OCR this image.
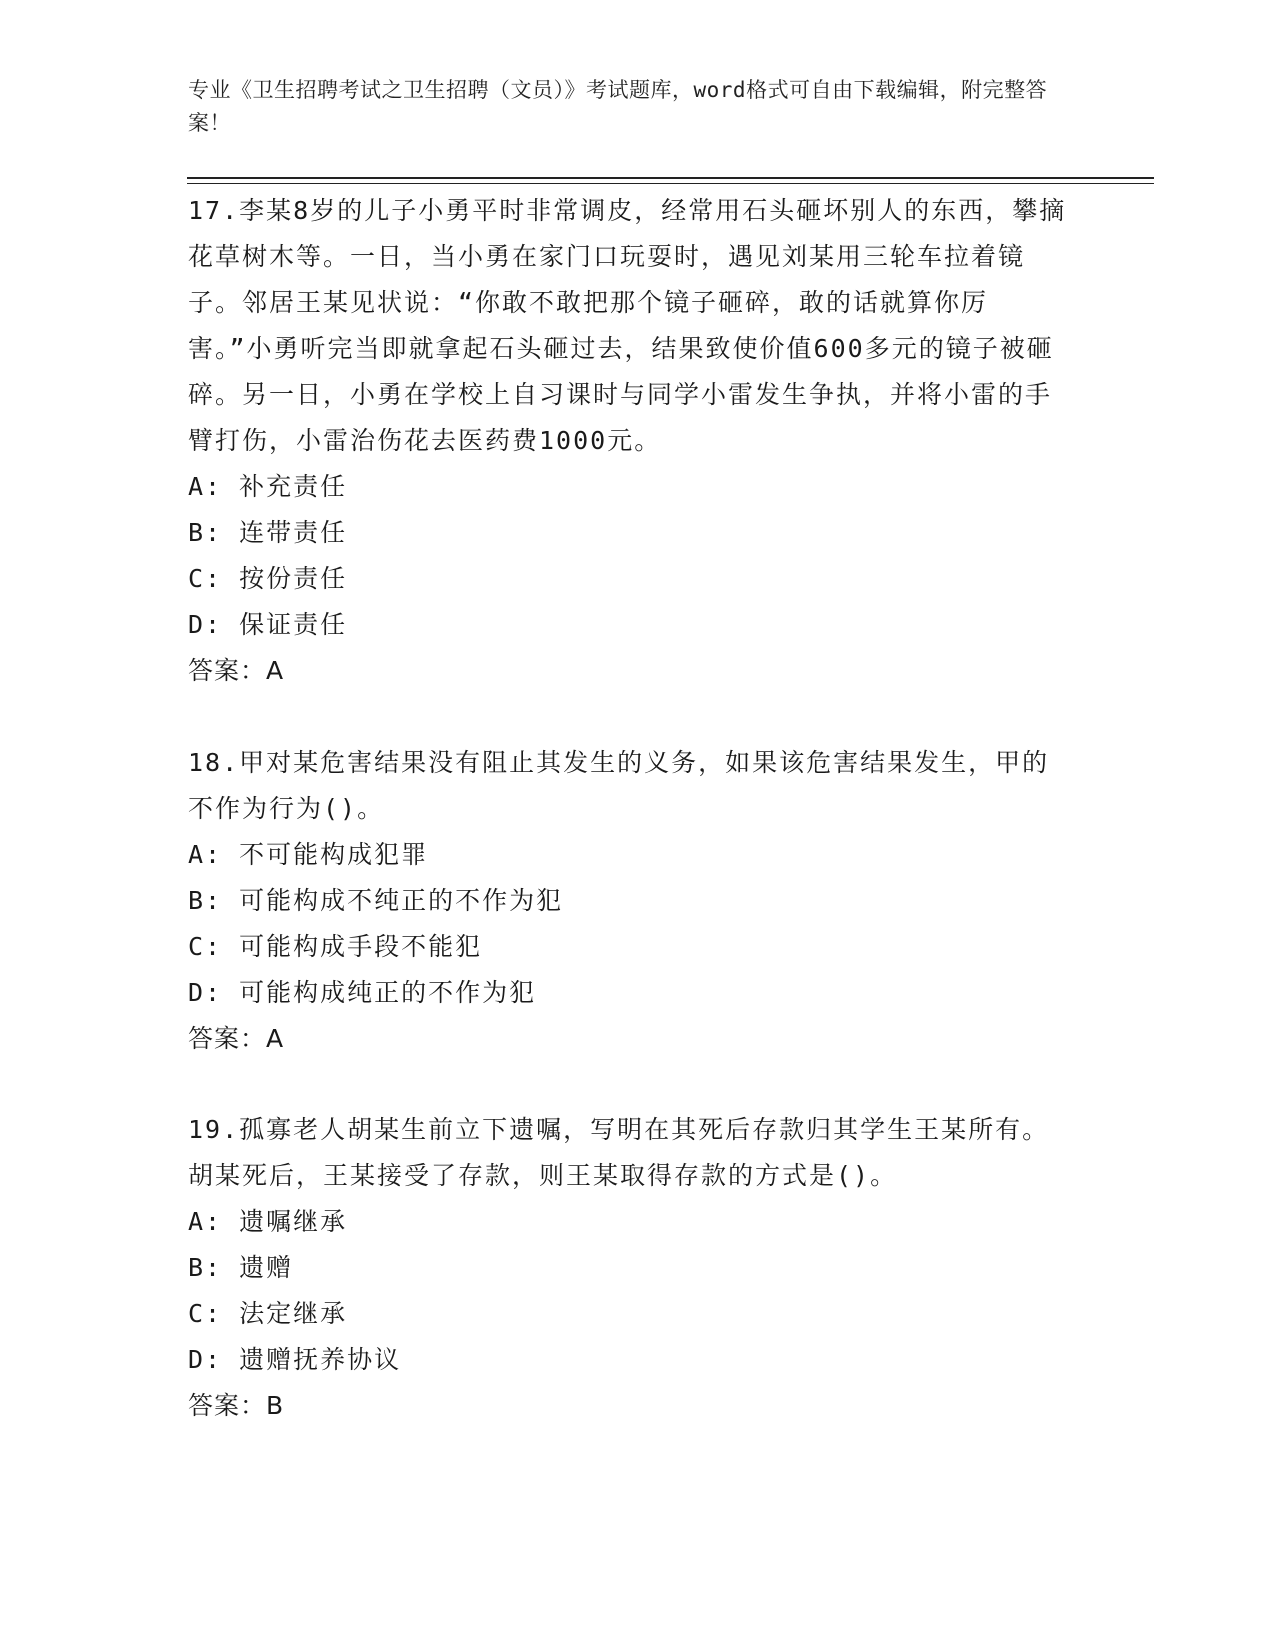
专业《卫生招聘考试之卫生招聘（文员）》考试题库，word格式可自由下载编辑，附完整答案！

17.李某8岁的儿子小勇平时非常调皮，经常用石头砸坏别人的东西，攀摘花草树木等。一日，当小勇在家门口玩耍时，遇见刘某用三轮车拉着镜子。邻居王某见状说：“你敢不敢把那个镜子砸碎，敢的话就算你厉害。”小勇听完当即就拿起石头砸过去，结果致使价值600多元的镜子被砸碎。另一日，小勇在学校上自习课时与同学小雷发生争执，并将小雷的手臂打伤，小雷治伤花去医药费1000元。

A: 补充责任

B: 连带责任

C: 按份责任

D: 保证责任

答案：A

18.甲对某危害结果没有阻止其发生的义务，如果该危害结果发生，甲的不作为行为()。

A: 不可能构成犯罪

B: 可能构成不纯正的不作为犯

C: 可能构成手段不能犯

D: 可能构成纯正的不作为犯

答案：A

19.孤寡老人胡某生前立下遗嘱，写明在其死后存款归其学生王某所有。胡某死后，王某接受了存款，则王某取得存款的方式是()。

A: 遗嘱继承

B: 遗赠

C: 法定继承

D: 遗赠抚养协议

答案：B
